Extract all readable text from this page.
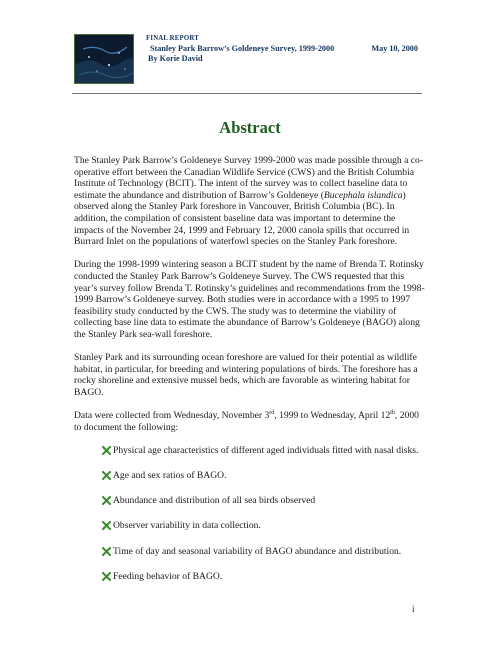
FINAL REPORT
Stanley Park Barrow’s Goldeneye Survey, 1999-2000
By Korie David
May 10, 2000
Abstract

The Stanley Park Barrow’s Goldeneye Survey 1999-2000 was made possible through a co-operative effort between the Canadian Wildlife Service (CWS) and the British Columbia Institute of Technology (BCIT). The intent of the survey was to collect baseline data to estimate the abundance and distribution of Barrow’s Goldeneye (Bucephala islandica) observed along the Stanley Park foreshore in Vancouver, British Columbia (BC). In addition, the compilation of consistent baseline data was important to determine the impacts of the November 24, 1999 and February 12, 2000 canola spills that occurred in Burrard Inlet on the populations of waterfowl species on the Stanley Park foreshore.

During the 1998-1999 wintering season a BCIT student by the name of Brenda T. Rotinsky conducted the Stanley Park Barrow’s Goldeneye Survey. The CWS requested that this year’s survey follow Brenda T. Rotinsky’s guidelines and recommendations from the 1998- 1999 Barrow’s Goldeneye survey. Both studies were in accordance with a 1995 to 1997 feasibility study conducted by the CWS. The study was to determine the viability of collecting base line data to estimate the abundance of Barrow’s Goldeneye (BAGO) along the Stanley Park sea-wall foreshore.

Stanley Park and its surrounding ocean foreshore are valued for their potential as wildlife habitat, in particular, for breeding and wintering populations of birds. The foreshore has a rocky shoreline and extensive mussel beds, which are favorable as wintering habitat for BAGO.

Data were collected from Wednesday, November 3rd, 1999 to Wednesday, April 12th, 2000 to document the following:

Physical age characteristics of different aged individuals fitted with nasal disks.
Age and sex ratios of BAGO.
Abundance and distribution of all sea birds observed
Observer variability in data collection.
Time of day and seasonal variability of BAGO abundance and distribution.
Feeding behavior of BAGO.
i
